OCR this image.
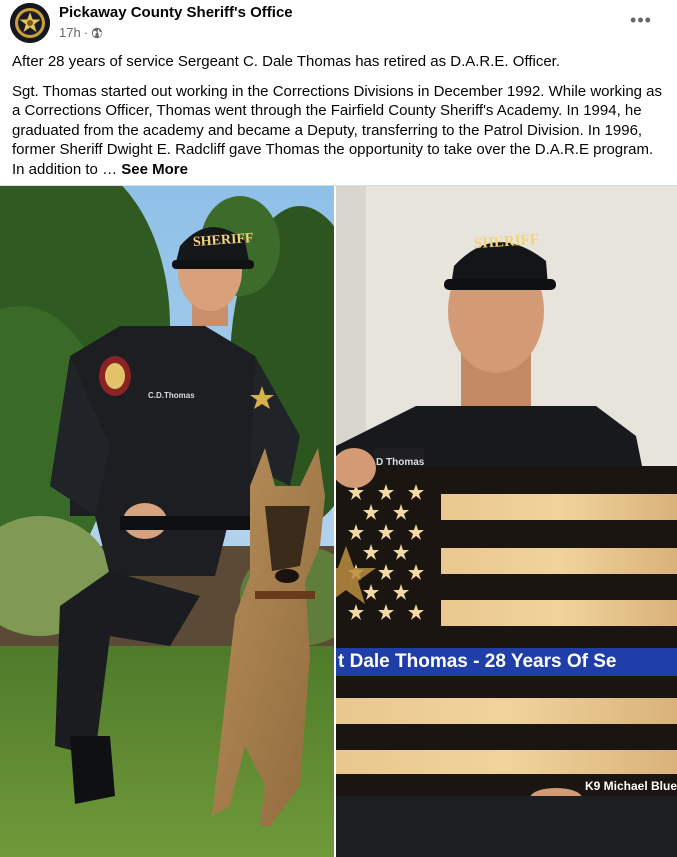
Pickaway County Sheriff's Office
17h ·
•••

After 28 years of service Sergeant C. Dale Thomas has retired as D.A.R.E. Officer.

Sgt. Thomas started out working in the Corrections Divisions in December 1992. While working as a Corrections Officer, Thomas went through the Fairfield County Sheriff's Academy. In 1994, he graduated from the academy and became a Deputy, transferring to the Patrol Division. In 1996, former Sheriff Dwight E. Radcliff gave Thomas the opportunity to take over the D.A.R.E program. In addition to … See More

SHERIFF
C.D.Thomas
SHERIFF
D Thomas
t Dale Thomas - 28 Years Of Se
K9 Michael Blue
